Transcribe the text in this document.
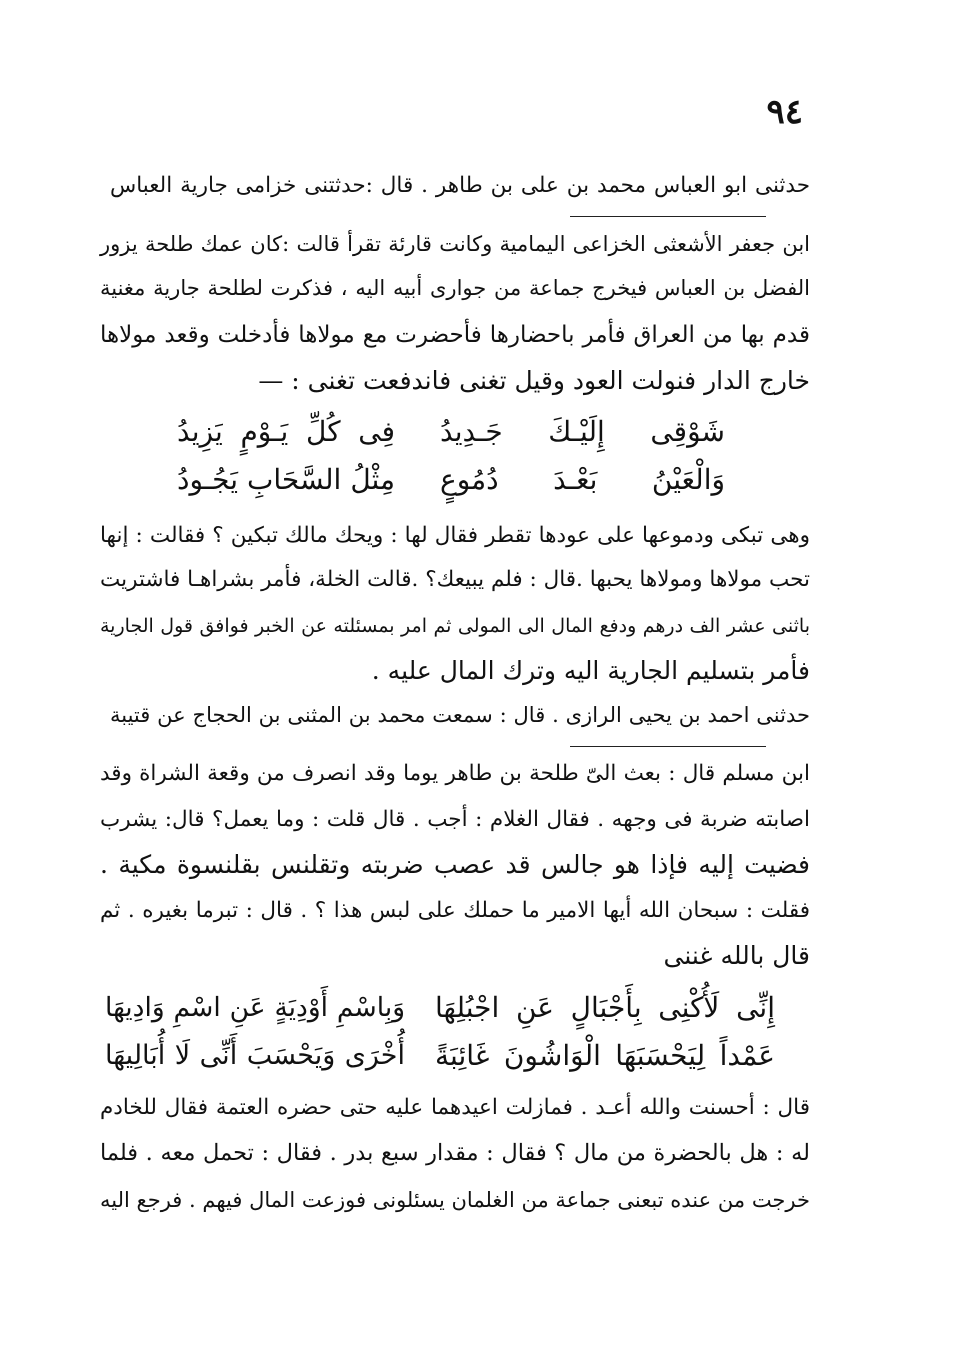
٩٤
حدثنى ابو العباس محمد بن على بن طاهر . قال :حدثتنى خزامى جارية العباس
ابن جعفر الأشعثى الخزاعى اليمامية وكانت قارئة تقرأ قالت :كان عمك طلحة يزور
الفضل بن العباس فيخرج جماعة من جوارى أبيه اليه ، فذكرت لطلحة جارية مغنية
قدم بها من العراق فأمر باحضارها فأحضرت مع مولاها فأدخلت وقعد مولاها
خارج الدار فنولت العود وقيل تغنى فاندفعت تغنى : —
شَوْقِى إِلَيْـكَ جَـدِيدُ
فِى كُلِّ يَـوْمٍ يَزِيدُ
وَالْعَيْنُ بَعْـدَ دُمُوعٍ
مِثْلُ السَّحَابِ يَجُـودُ
وهى تبكى ودموعها على عودها تقطر فقال لها : ويحك مالك تبكين ؟ فقالت : إنها
تحب مولاها ومولاها يحبها .قال : فلم يبيعك؟ .قالت الخلة، فأمر بشراهـا فاشتريت
باثنى عشر الف درهم ودفع المال الى المولى ثم امر بمسئلته عن الخبر فوافق قول الجارية
فأمر بتسليم الجارية اليه وترك المال عليه .
حدثنى احمد بن يحيى الرازى . قال : سمعت محمد بن المثنى بن الحجاج عن قتيبة
ابن مسلم قال : بعث الىّ طلحة بن طاهر يوما وقد انصرف من وقعة الشراة وقد
اصابته ضربة فى وجهه . فقال الغلام : أجب . قال قلت : وما يعمل؟ قال: يشرب
فضيت إليه فإذا هو جالس قد عصب ضربته وتقلنس بقلنسوة مكية .
فقلت : سبحان الله أيها الامير ما حملك على لبس هذا ؟ . قال : تبرما بغيره . ثم
قال بالله غننى
إِنِّى لَأُكْنِى بِأَجْبَالٍ عَنِ اجْبُلِهَا
وَبِاسْمِ أَوْدِيَةٍ عَنِ اسْمِ وَادِيهَا
عَمْداً لِيَحْسَبَهَا الْوَاشُونَ غَائِبَةً
أُخْرَى وَيَحْسَبَ أَنِّى لَا أُبَالِيهَا
قال : أحسنت والله أعـد . فمازلت اعيدهما عليه حتى حضره العتمة فقال للخادم
له : هل بالحضرة من مال ؟ فقال : مقدار سبع بدر . فقال : تحمل معه . فلما
خرجت من عنده تبعنى جماعة من الغلمان يسئلونى فوزعت المال فيهم . فرجع اليه
